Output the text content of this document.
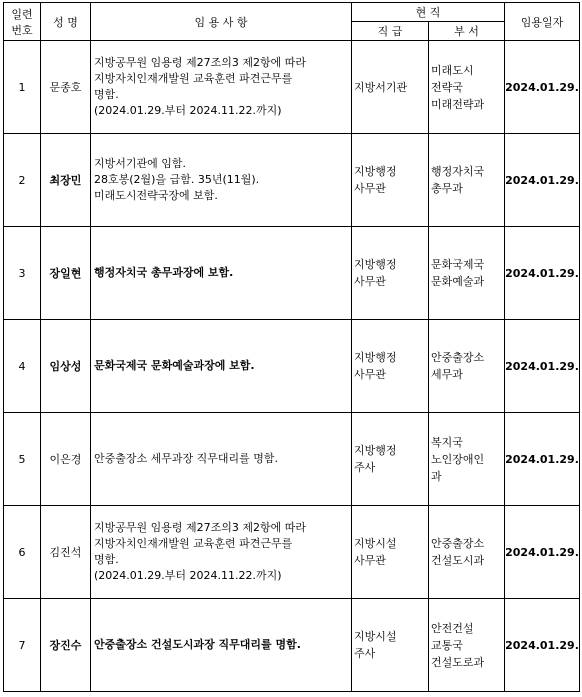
일련
번호	성 명	임 용 사 항	현 직		임용일자
			직 급	부 서	
1	문종호	지방공무원 임용령 제27조의3 제2항에 따라
지방자치인재개발원 교육훈련 파견근무를
명함.
(2024.01.29.부터 2024.11.22.까지)	지방서기관	미래도시
전략국
미래전략과	2024.01.29.
2	최장민	지방서기관에 임함.
28호봉(2월)을 급함. 35년(11월).
미래도시전략국장에 보함.	지방행정
사무관	행정자치국
총무과	2024.01.29.
3	장일현	행정자치국 총무과장에 보함.	지방행정
사무관	문화국제국
문화예술과	2024.01.29.
4	임상성	문화국제국 문화예술과장에 보함.	지방행정
사무관	안중출장소
세무과	2024.01.29.
5	이은경	안중출장소 세무과장 직무대리를 명함.	지방행정
주사	복지국
노인장애인
과	2024.01.29.
6	김진석	지방공무원 임용령 제27조의3 제2항에 따라
지방자치인재개발원 교육훈련 파견근무를
명함.
(2024.01.29.부터 2024.11.22.까지)	지방시설
사무관	안중출장소
건설도시과	2024.01.29.
7	장진수	안중출장소 건설도시과장 직무대리를 명함.	지방시설
주사	안전건설
교통국
건설도로과	2024.01.29.
